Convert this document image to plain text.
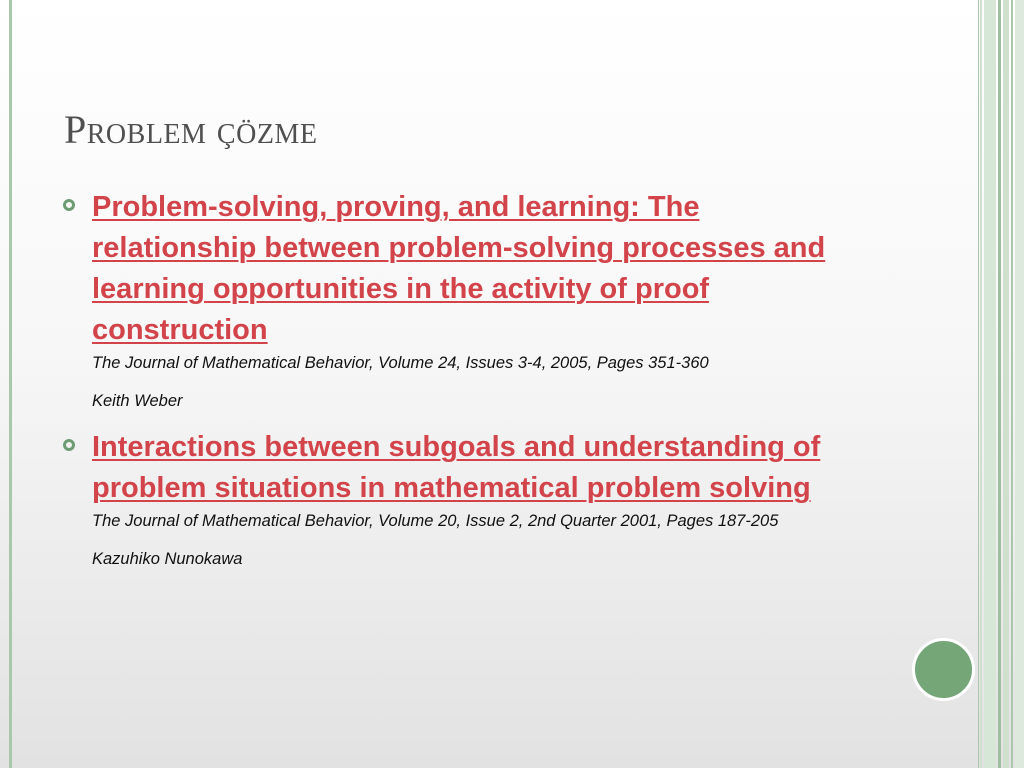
Problem çözme
Problem-solving, proving, and learning: The relationship between problem-solving processes and learning opportunities in the activity of proof construction
The Journal of Mathematical Behavior, Volume 24, Issues 3-4, 2005, Pages 351-360
Keith Weber
Interactions between subgoals and understanding of problem situations in mathematical problem solving
The Journal of Mathematical Behavior, Volume 20, Issue 2, 2nd Quarter 2001, Pages 187-205
Kazuhiko Nunokawa
